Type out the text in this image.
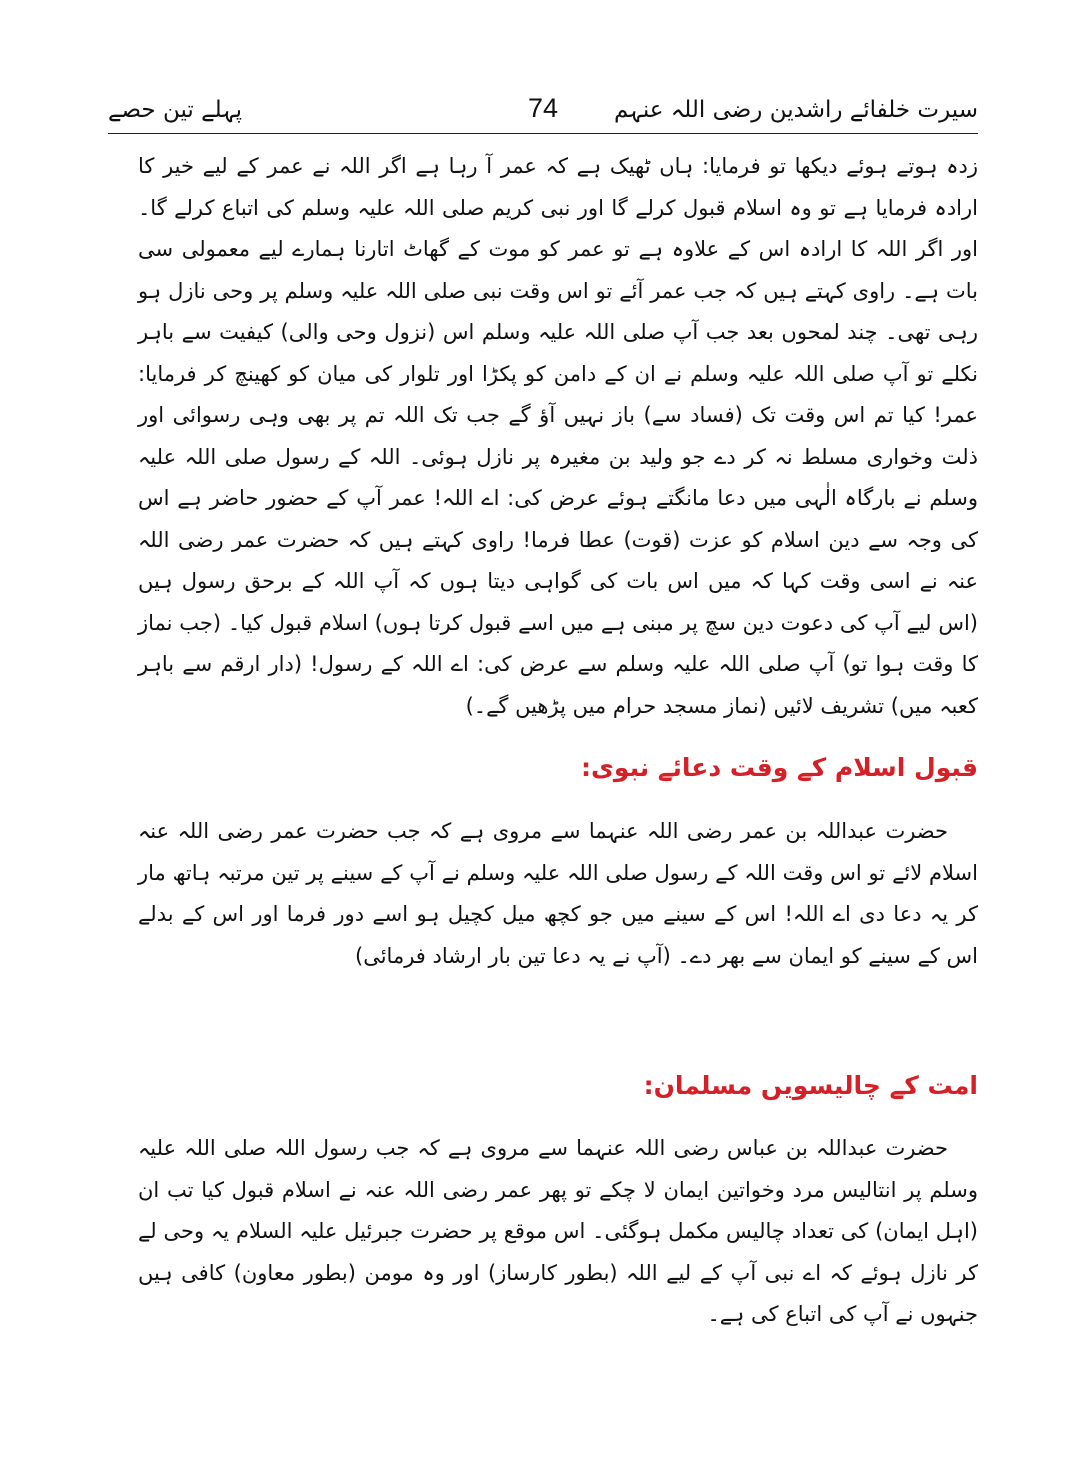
سیرت خلفائے راشدین رضی اللہ عنہم
74
پہلے تین حصے

زدہ ہوتے ہوئے دیکھا تو فرمایا: ہاں ٹھیک ہے کہ عمر آ رہا ہے اگر اللہ نے عمر کے لیے خیر کا ارادہ فرمایا ہے تو وہ اسلام قبول کرلے گا اور نبی کریم صلی اللہ علیہ وسلم کی اتباع کرلے گا۔ اور اگر اللہ کا ارادہ اس کے علاوہ ہے تو عمر کو موت کے گھاٹ اتارنا ہمارے لیے معمولی سی بات ہے۔ راوی کہتے ہیں کہ جب عمر آئے تو اس وقت نبی صلی اللہ علیہ وسلم پر وحی نازل ہو رہی تھی۔ چند لمحوں بعد جب آپ صلی اللہ علیہ وسلم اس (نزول وحی والی) کیفیت سے باہر نکلے تو آپ صلی اللہ علیہ وسلم نے ان کے دامن کو پکڑا اور تلوار کی میان کو کھینچ کر فرمایا: عمر! کیا تم اس وقت تک (فساد سے) باز نہیں آؤ گے جب تک اللہ تم پر بھی وہی رسوائی اور ذلت وخواری مسلط نہ کر دے جو ولید بن مغیرہ پر نازل ہوئی۔ اللہ کے رسول صلی اللہ علیہ وسلم نے بارگاہ الٰہی میں دعا مانگتے ہوئے عرض کی: اے اللہ! عمر آپ کے حضور حاضر ہے اس کی وجہ سے دین اسلام کو عزت (قوت) عطا فرما! راوی کہتے ہیں کہ حضرت عمر رضی اللہ عنہ نے اسی وقت کہا کہ میں اس بات کی گواہی دیتا ہوں کہ آپ اللہ کے برحق رسول ہیں (اس لیے آپ کی دعوت دین سچ پر مبنی ہے میں اسے قبول کرتا ہوں) اسلام قبول کیا۔ (جب نماز کا وقت ہوا تو) آپ صلی اللہ علیہ وسلم سے عرض کی: اے اللہ کے رسول! (دار ارقم سے باہر کعبہ میں) تشریف لائیں (نماز مسجد حرام میں پڑھیں گے۔)

قبول اسلام کے وقت دعائے نبوی:

حضرت عبداللہ بن عمر رضی اللہ عنہما سے مروی ہے کہ جب حضرت عمر رضی اللہ عنہ اسلام لائے تو اس وقت اللہ کے رسول صلی اللہ علیہ وسلم نے آپ کے سینے پر تین مرتبہ ہاتھ مار کر یہ دعا دی اے اللہ! اس کے سینے میں جو کچھ میل کچیل ہو اسے دور فرما اور اس کے بدلے اس کے سینے کو ایمان سے بھر دے۔ (آپ نے یہ دعا تین بار ارشاد فرمائی)

امت کے چالیسویں مسلمان:

حضرت عبداللہ بن عباس رضی اللہ عنہما سے مروی ہے کہ جب رسول اللہ صلی اللہ علیہ وسلم پر انتالیس مرد وخواتین ایمان لا چکے تو پھر عمر رضی اللہ عنہ نے اسلام قبول کیا تب ان (اہل ایمان) کی تعداد چالیس مکمل ہوگئی۔ اس موقع پر حضرت جبرئیل علیہ السلام یہ وحی لے کر نازل ہوئے کہ اے نبی آپ کے لیے اللہ (بطور کارساز) اور وہ مومن (بطور معاون) کافی ہیں جنہوں نے آپ کی اتباع کی ہے۔
